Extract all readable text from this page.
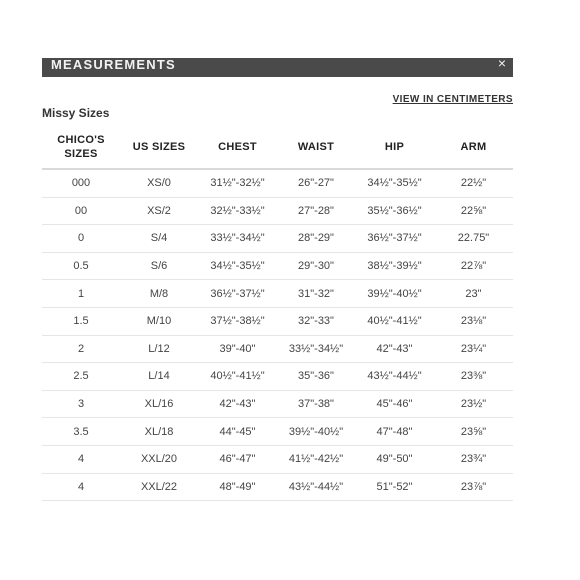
MEASUREMENTS	×
Missy Sizes
VIEW IN CENTIMETERS
CHICO'S SIZES	US SIZES	CHEST	WAIST	HIP	ARM
000	XS/0	31½"-32½"	26"-27"	34½"-35½"	22½"
00	XS/2	32½"-33½"	27"-28"	35½"-36½"	22⅝"
0	S/4	33½"-34½"	28"-29"	36½"-37½"	22.75"
0.5	S/6	34½"-35½"	29"-30"	38½"-39½"	22⅞"
1	M/8	36½"-37½"	31"-32"	39½"-40½"	23"
1.5	M/10	37½"-38½"	32"-33"	40½"-41½"	23⅛"
2	L/12	39"-40"	33½"-34½"	42"-43"	23¼"
2.5	L/14	40½"-41½"	35"-36"	43½"-44½"	23⅜"
3	XL/16	42"-43"	37"-38"	45"-46"	23½"
3.5	XL/18	44"-45"	39½"-40½"	47"-48"	23⅝"
4	XXL/20	46"-47"	41½"-42½"	49"-50"	23¾"
4	XXL/22	48"-49"	43½"-44½"	51"-52"	23⅞"
